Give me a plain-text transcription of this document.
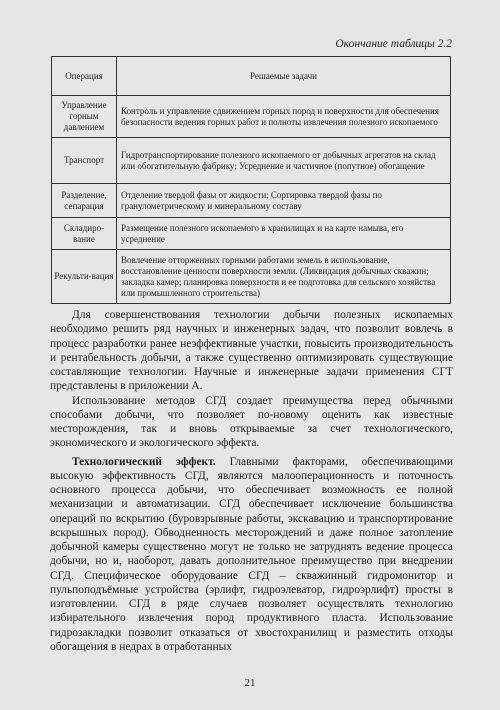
Окончание таблицы 2.2
Операция	Решаемые задачи
Управление горным давлением	Контроль и управление сдвижением горных пород и поверхности для обеспечения безопасности ведения горных работ и полноты извлечения полезного ископаемого
Транспорт	Гидротранспортирование полезного ископаемого от добычных агрегатов на склад или обогатительную фабрику; Усреднение и частичное (попутное) обогащение
Разделение, сепарация	Отделение твердой фазы от жидкости; Сортировка твердой фазы по гранулометрическому и минеральному составу
Складиро-вание	Размещение полезного ископаемого в хранилищах и на карте намыва, его усреднение
Рекульти-вация	Вовлечение отторженных горными работами земель в использование, восстановление ценности поверхности земли. (Ликвидация добычных скважин; закладка камер; планировка поверхности и ее подготовка для сельского хозяйства или промышленного строительства)

Для совершенствования технологии добычи полезных ископаемых необходимо решить ряд научных и инженерных задач, что позволит вовлечь в процесс разработки ранее неэффективные участки, повысить производительность и рентабельность добычи, а также существенно оптимизировать существующие составляющие технологии. Научные и инженерные задачи применения СГТ представлены в приложении А.

Использование методов СГД создает преимущества перед обычными способами добычи, что позволяет по-новому оценить как известные месторождения, так и вновь открываемые за счет технологического, экономического и экологического эффекта.

Технологический эффект. Главными факторами, обеспечивающими высокую эффективность СГД, являются малооперационность и поточность основного процесса добычи, что обеспечивает возможность ее полной механизации и автоматизации. СГД обеспечивает исключение большинства операций по вскрытию (буровзрывные работы, экскавацию и транспортирование вскрышных пород). Обводненность месторождений и даже полное затопление добычной камеры существенно могут не только не затруднять ведение процесса добычи, но и, наоборот, давать дополнительное преимущество при внедрении СГД. Специфическое оборудование СГД – скважинный гидромонитор и пульпоподъёмные устройства (эрлифт, гидроэлеватор, гидроэрлифт) просты в изготовлении. СГД в ряде случаев позволяет осуществлять технологию избирательного извлечения пород продуктивного пласта. Использование гидрозакладки позволит отказаться от хвостохранилищ и разместить отходы обогащения в недрах в отработанных

21
